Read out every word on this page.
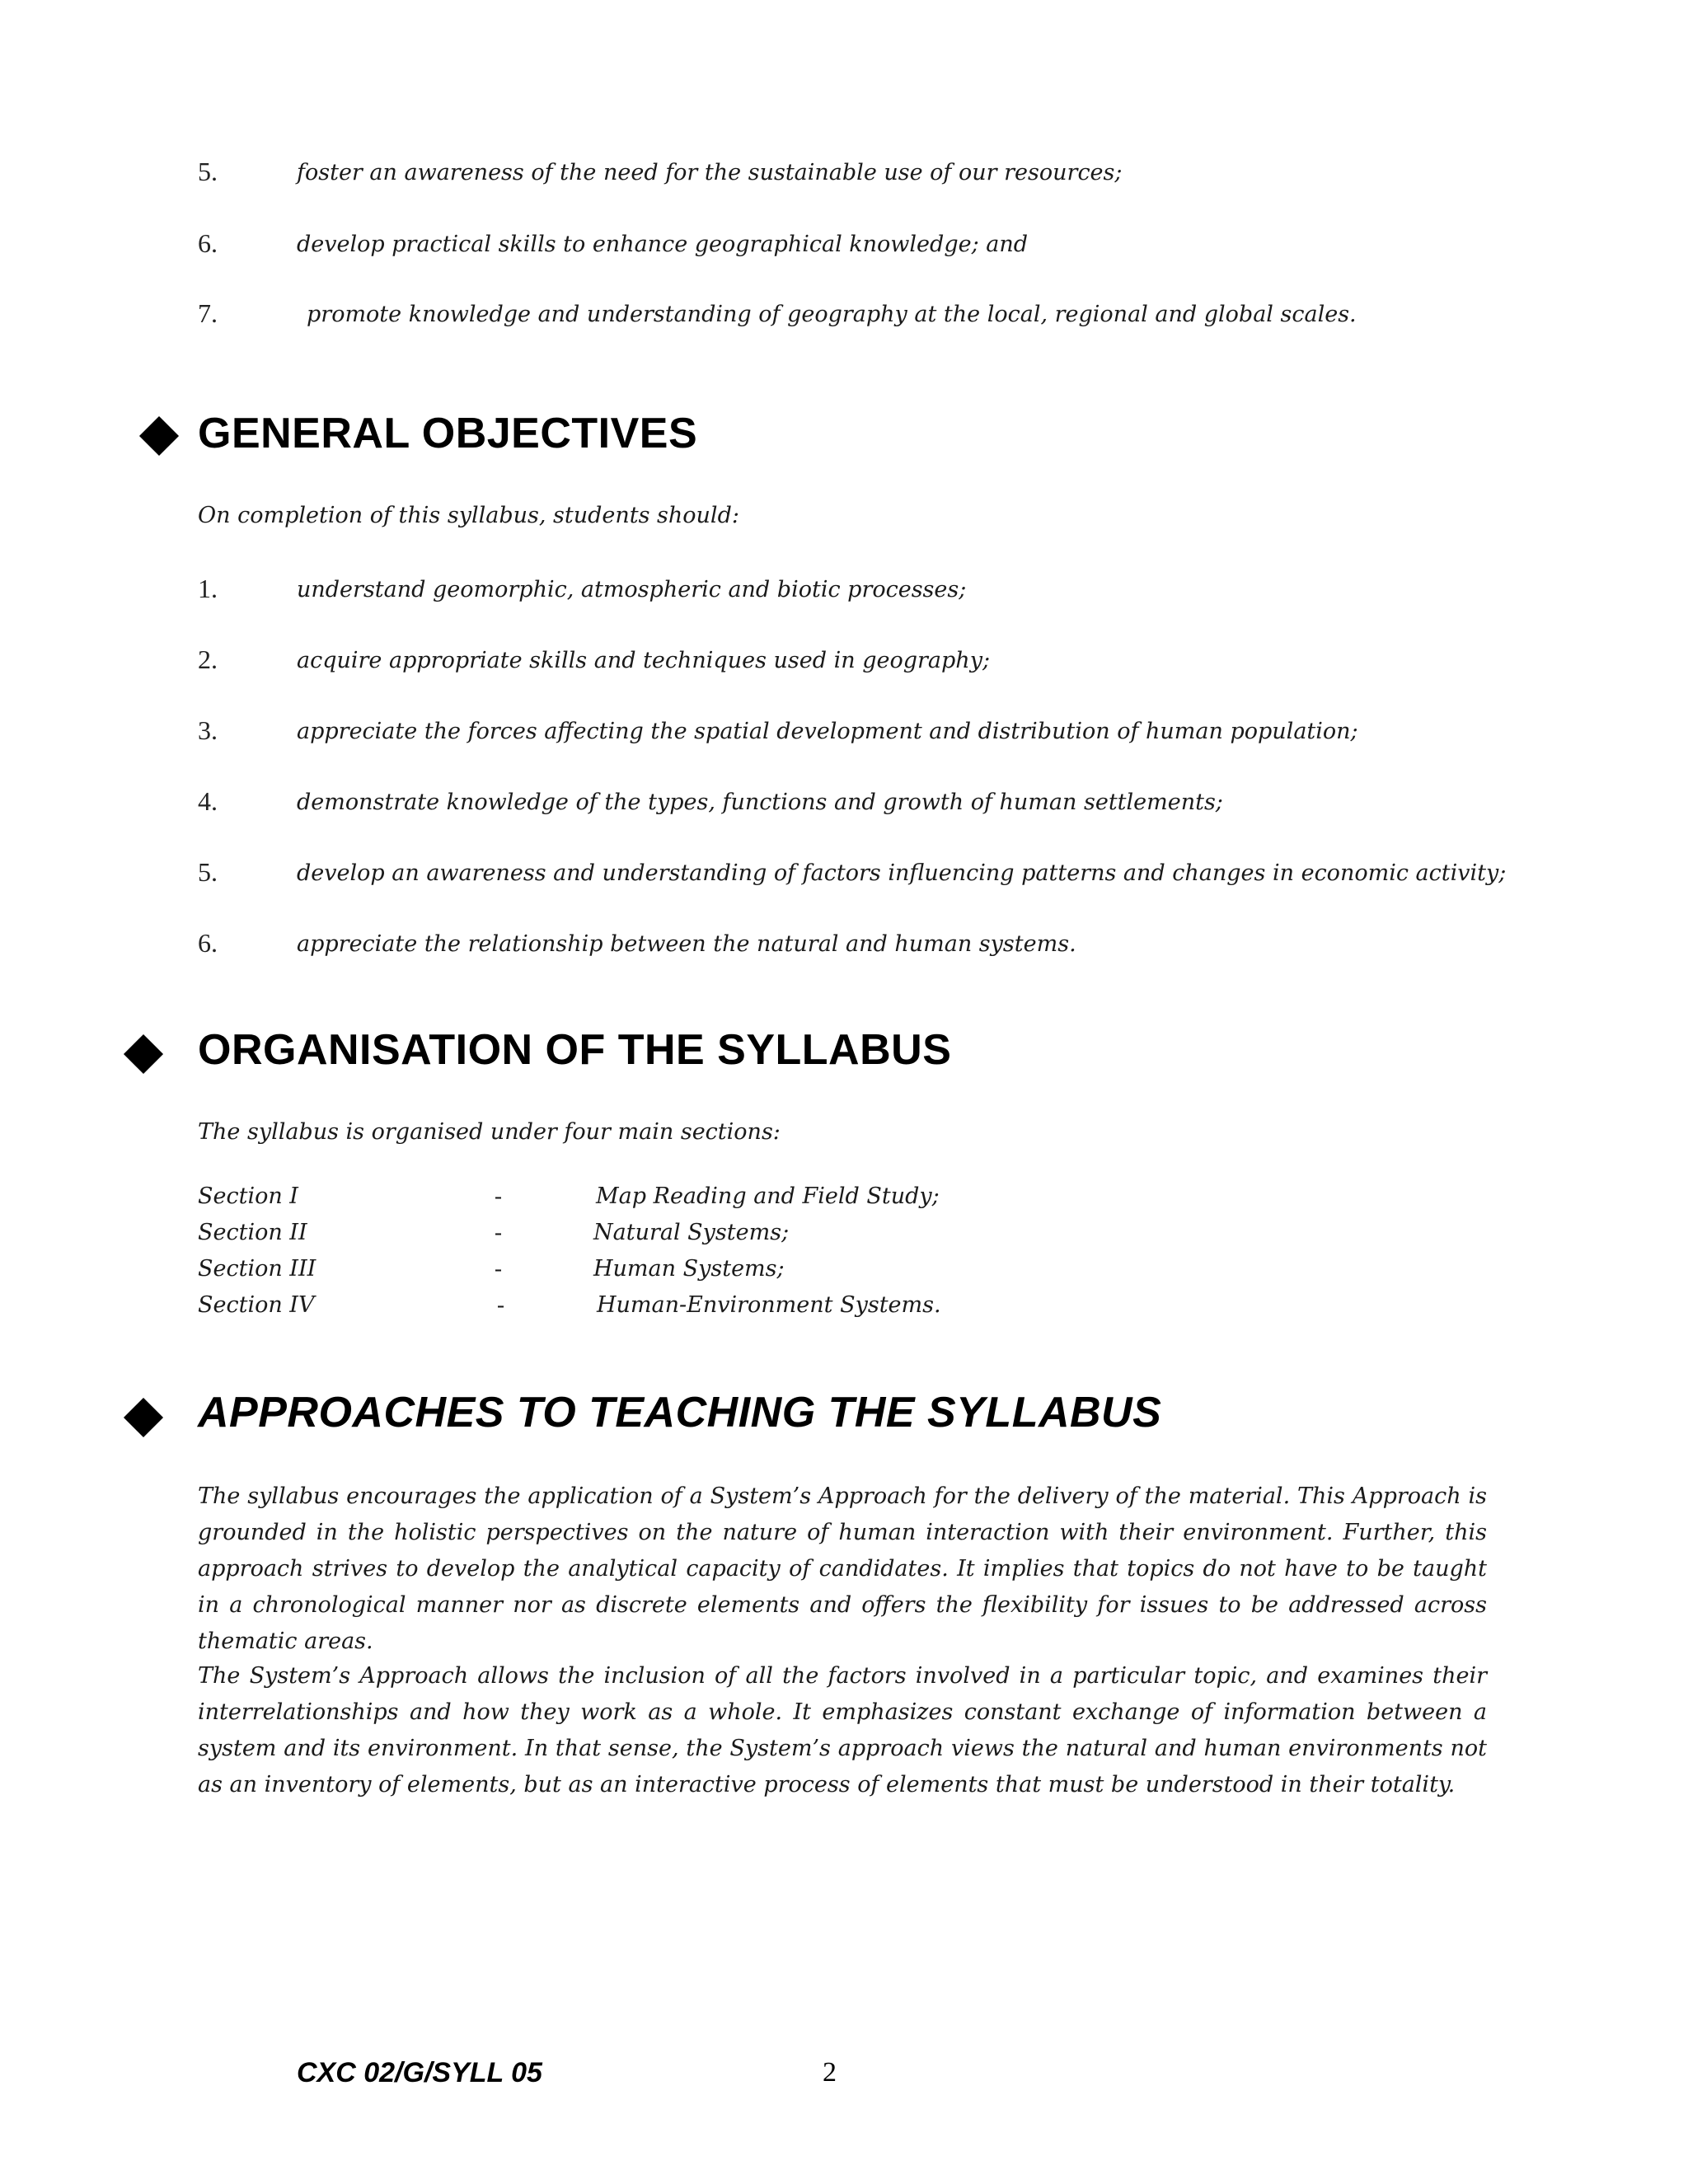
5.	foster an awareness of the need for the sustainable use of our resources;
6.	develop practical skills to enhance geographical knowledge; and
7.	promote knowledge and understanding of geography at the local, regional and global scales.
GENERAL OBJECTIVES
On completion of this syllabus, students should:
1.	understand geomorphic, atmospheric and biotic processes;
2.	acquire appropriate skills and techniques used in geography;
3.	appreciate the forces affecting the spatial development and distribution of human population;
4.	demonstrate knowledge of the types, functions and growth of human settlements;
5.	develop an awareness and understanding of factors influencing patterns and changes in economic activity;
6.	appreciate the relationship between the natural and human systems.
ORGANISATION OF THE SYLLABUS
The syllabus is organised under four main sections:
Section I	-	Map Reading and Field Study;
Section II	-	Natural Systems;
Section III	-	Human Systems;
Section IV	-	Human-Environment Systems.
APPROACHES TO TEACHING THE SYLLABUS
The syllabus encourages the application of a System’s Approach for the delivery of the material. This Approach is grounded in the holistic perspectives on the nature of human interaction with their environment. Further, this approach strives to develop the analytical capacity of candidates. It implies that topics do not have to be taught in a chronological manner nor as discrete elements and offers the flexibility for issues to be addressed across thematic areas.
The System’s Approach allows the inclusion of all the factors involved in a particular topic, and examines their interrelationships and how they work as a whole. It emphasizes constant exchange of information between a system and its environment. In that sense, the System’s approach views the natural and human environments not as an inventory of elements, but as an interactive process of elements that must be understood in their totality.
CXC 02/G/SYLL 05	2
